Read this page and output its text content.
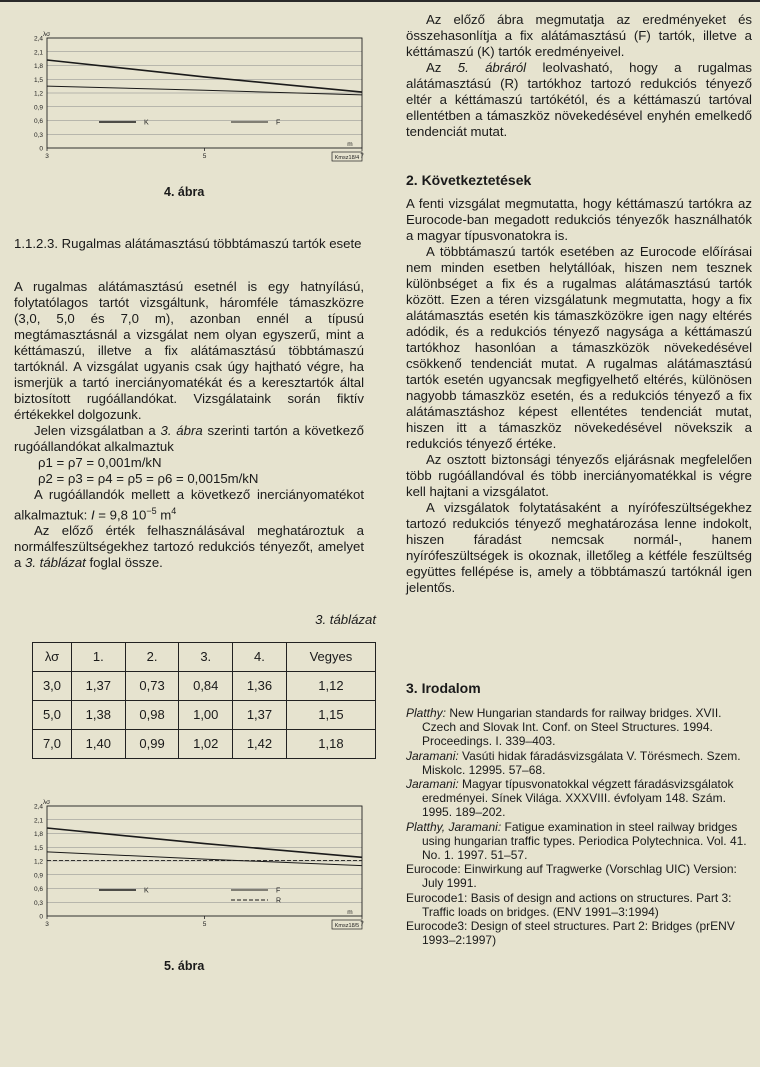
2,4
2,1
1,8
1,5
1,2
0,9
0,6
0,3
0
λσ
3	5	7
m
Kmsz18/4
K	F
4. ábra
1.1.2.3. Rugalmas alátámasztású többtámaszú tartók esete

A rugalmas alátámasztású esetnél is egy hatnyílású, folytatólagos tartót vizsgáltunk, háromféle támaszközre (3,0, 5,0 és 7,0 m), azonban ennél a típusú megtámasztásnál a vizsgálat nem olyan egyszerű, mint a kéttámaszú, illetve a fix alátámasztású többtámaszú tartóknál. A vizsgálat ugyanis csak úgy hajtható végre, ha ismerjük a tartó inerciányomatékát és a keresztartók által biztosított rugóállandókat. Vizsgálataink során fiktív értékekkel dolgozunk.

Jelen vizsgálatban a 3. ábra szerinti tartón a következő rugóállandókat alkalmaztuk

ρ1 = ρ7 = 0,001m/kN
ρ2 = ρ3 = ρ4 = ρ5 = ρ6 = 0,0015m/kN

A rugóállandók mellett a következő inerciányomatékot alkalmaztuk: I = 9,8 $10^{-5}$ $m^4$

Az előző érték felhasználásával meghatároztuk a normálfeszültségekhez tartozó redukciós tényezőt, amelyet a 3. táblázat foglal össze.

3. táblázat
λσ	1.	2.	3.	4.	Vegyes
3,0	1,37	0,73	0,84	1,36	1,12
5,0	1,38	0,98	1,00	1,37	1,15
7,0	1,40	0,99	1,02	1,42	1,18
2,4
2,1
1,8
1,5
1,2
0,9
0,6
0,3
0
λσ
3	5	7
m
Kmsz18/5
K	F
R
5. ábra

Az előző ábra megmutatja az eredményeket és összehasonlítja a fix alátámasztású (F) tartók, illetve a kéttámaszú (K) tartók eredményeivel.

Az 5. ábráról leolvasható, hogy a rugalmas alátámasztású (R) tartókhoz tartozó redukciós tényező eltér a kéttámaszú tartókétól, és a kéttámaszú tartóval ellentétben a támaszköz növekedésével enyhén emelkedő tendenciát mutat.

2. Következtetések

A fenti vizsgálat megmutatta, hogy kéttámaszú tartókra az Eurocode-ban megadott redukciós tényezők használhatók a magyar típusvonatokra is.

A többtámaszú tartók esetében az Eurocode előírásai nem minden esetben helytállóak, hiszen nem tesznek különbséget a fix és a rugalmas alátámasztású tartók között. Ezen a téren vizsgálatunk megmutatta, hogy a fix alátámasztás esetén kis támaszközökre igen nagy eltérés adódik, és a redukciós tényező nagysága a kéttámaszú tartókhoz hasonlóan a támaszközök növekedésével csökkenő tendenciát mutat. A rugalmas alátámasztású tartók esetén ugyancsak megfigyelhető eltérés, különösen nagyobb támaszköz esetén, és a redukciós tényező a fix alátámasztáshoz képest ellentétes tendenciát mutat, hiszen itt a támaszköz növekedésével növekszik a redukciós tényező értéke.

Az osztott biztonsági tényezős eljárásnak megfelelően több rugóállandóval és több inerciányomatékkal is végre kell hajtani a vizsgálatot.

A vizsgálatok folytatásaként a nyírófeszültségekhez tartozó redukciós tényező meghatározása lenne indokolt, hiszen fáradást nemcsak normál-, hanem nyírófeszültségek is okoznak, illetőleg a kétféle feszültség együttes fellépése is, amely a többtámaszú tartóknál igen jelentős.

3. Irodalom

Platthy: New Hungarian standards for railway bridges. XVII. Czech and Slovak Int. Conf. on Steel Structures. 1994. Proceedings. I. 339–403.

Jaramani: Vasúti hidak fáradásvizsgálata V. Törésmech. Szem. Miskolc. 12995. 57–68.

Jaramani: Magyar típusvonatokkal végzett fáradásvizsgálatok eredményei. Sínek Világa. XXXVIII. évfolyam 148. Szám. 1995. 189–202.

Platthy, Jaramani: Fatigue examination in steel railway bridges using hungarian traffic types. Periodica Polytechnica. Vol. 41. No. 1. 1997. 51–57.

Eurocode: Einwirkung auf Tragwerke (Vorschlag UIC) Version: July 1991.

Eurocode1: Basis of design and actions on structures. Part 3: Traffic loads on bridges. (ENV 1991–3:1994)

Eurocode3: Design of steel structures. Part 2: Bridges (prENV 1993–2:1997)
